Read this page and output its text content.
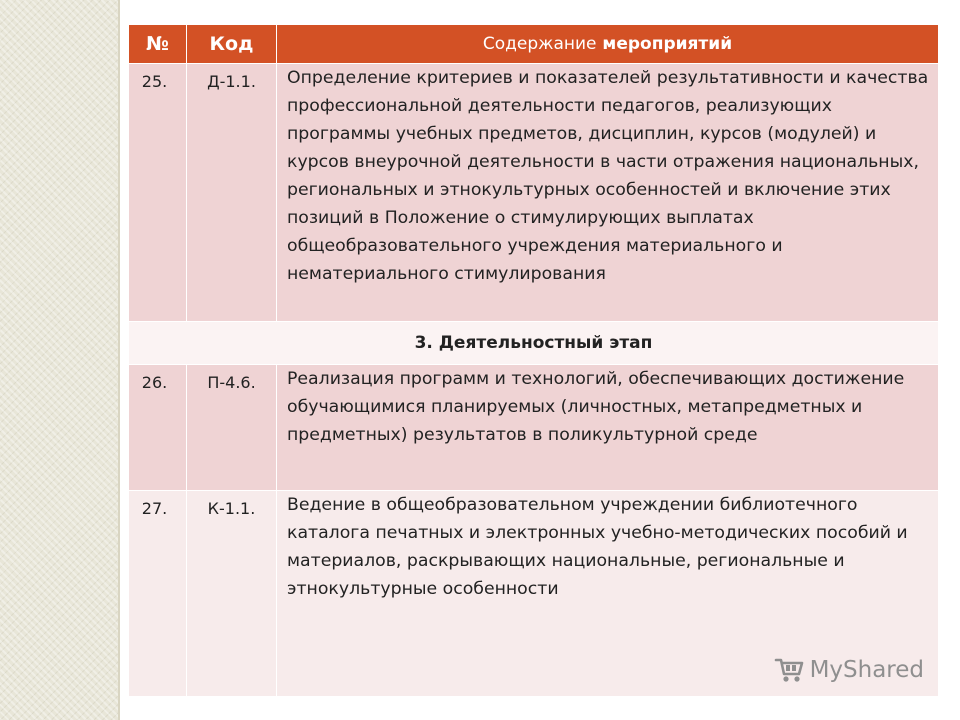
№	Код	Содержание мероприятий
25.	Д-1.1.	Определение критериев и показателей результативности и качества профессиональной деятельности педагогов, реализующих программы учебных предметов, дисциплин, курсов (модулей) и курсов внеурочной деятельности в части отражения национальных, региональных и этнокультурных особенностей и включение этих позиций в Положение о стимулирующих выплатах общеобразовательного учреждения материального и нематериального стимулирования
3. Деятельностный этап		
26.	П-4.6.	Реализация программ и технологий, обеспечивающих достижение обучающимися планируемых (личностных, метапредметных и предметных) результатов в поликультурной среде
27.	К-1.1.	Ведение в общеобразовательном учреждении библиотечного каталога печатных и электронных учебно-методических пособий и материалов, раскрывающих национальные, региональные и этнокультурные особенности
MyShared
